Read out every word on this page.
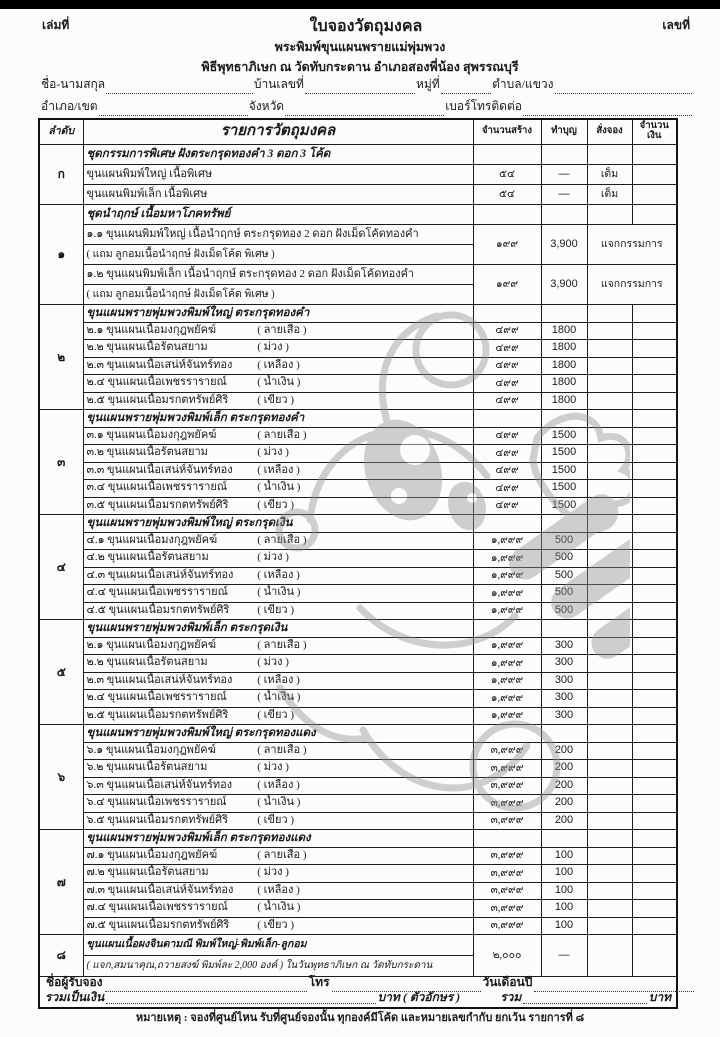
เล่มที่	ใบจองวัตถุมงคล	เลขที่
พระพิมพ์ขุนแผนพรายแม่พุ่มพวง
พิธีพุทธาภิเษก ณ วัดทับกระดาน อำเภอสองพี่น้อง สุพรรณบุรี
ชื่อ-นามสกุล	บ้านเลขที่	หมู่ที่	ตำบล/แขวง
อำเภอ/เขต	จังหวัด	เบอร์โทรติดต่อ
ลำดับ	รายการวัตถุมงคล	จำนวนสร้าง	ทำบุญ	สั่งจอง	จำนวนเงิน
ก	ชุดกรรมการพิเศษ ฝังตระกรุดทองคำ 3 ดอก 3 โค้ด				
	ขุนแผนพิมพ์ใหญ่ เนื้อพิเศษ	๕๔	—	เต็ม	
	ขุนแผนพิมพ์เล็ก เนื้อพิเศษ	๕๔	—	เต็ม	
๑	ชุดนำฤกษ์ เนื้อมหาโภคทรัพย์				
	๑.๑ ขุนแผนพิมพ์ใหญ่ เนื้อนำฤกษ์ ตระกรุดทอง 2 ดอก ฝังเม็ดโค้ดทองคำ	๑๙๙	3,900	แจกกรรมการ	
	( แถม ลูกอมเนื้อนำฤกษ์ ฝังเม็ดโค้ด พิเศษ )				
	๑.๒ ขุนแผนพิมพ์เล็ก เนื้อนำฤกษ์ ตระกรุดทอง 2 ดอก ฝังเม็ดโค้ดทองคำ	๑๙๙	3,900	แจกกรรมการ	
	( แถม ลูกอมเนื้อนำฤกษ์ ฝังเม็ดโค้ด พิเศษ )				
๒	ขุนแผนพรายพุ่มพวงพิมพ์ใหญ่ ตระกรุดทองคำ				
	๒.๑ ขุนแผนเนื้อมงกุฎพยัคฆ์ ( ลายเสือ )	๔๙๙	1800		
	๒.๒ ขุนแผนเนื้อรัตนสยาม ( ม่วง )	๔๙๙	1800		
	๒.๓ ขุนแผนเนื้อเสน่ห์จันทร์ทอง ( เหลือง )	๔๙๙	1800		
	๒.๔ ขุนแผนเนื้อเพชรรารายณ์ ( น้ำเงิน )	๔๙๙	1800		
	๒.๕ ขุนแผนเนื้อมรกตทรัพย์ศิริ ( เขียว )	๔๙๙	1800		
๓	ขุนแผนพรายพุ่มพวงพิมพ์เล็ก ตระกรุดทองคำ				
	๓.๑ ขุนแผนเนื้อมงกุฎพยัคฆ์ ( ลายเสือ )	๔๙๙	1500		
	๓.๒ ขุนแผนเนื้อรัตนสยาม ( ม่วง )	๔๙๙	1500		
	๓.๓ ขุนแผนเนื้อเสน่ห์จันทร์ทอง ( เหลือง )	๔๙๙	1500		
	๓.๔ ขุนแผนเนื้อเพชรรารายณ์ ( น้ำเงิน )	๔๙๙	1500		
	๓.๕ ขุนแผนเนื้อมรกตทรัพย์ศิริ ( เขียว )	๔๙๙	1500		
๔	ขุนแผนพรายพุ่มพวงพิมพ์ใหญ่ ตระกรุดเงิน				
	๔.๑ ขุนแผนเนื้อมงกุฎพยัคฆ์ ( ลายเสือ )	๑,๙๙๙	500		
	๔.๒ ขุนแผนเนื้อรัตนสยาม ( ม่วง )	๑,๙๙๙	500		
	๔.๓ ขุนแผนเนื้อเสน่ห์จันทร์ทอง ( เหลือง )	๑,๙๙๙	500		
	๔.๔ ขุนแผนเนื้อเพชรรารายณ์ ( น้ำเงิน )	๑,๙๙๙	500		
	๔.๕ ขุนแผนเนื้อมรกตทรัพย์ศิริ ( เขียว )	๑,๙๙๙	500		
๕	ขุนแผนพรายพุ่มพวงพิมพ์เล็ก ตระกรุดเงิน				
	๒.๑ ขุนแผนเนื้อมงกุฎพยัคฆ์ ( ลายเสือ )	๑,๙๙๙	300		
	๒.๒ ขุนแผนเนื้อรัตนสยาม ( ม่วง )	๑,๙๙๙	300		
	๒.๓ ขุนแผนเนื้อเสน่ห์จันทร์ทอง ( เหลือง )	๑,๙๙๙	300		
	๒.๔ ขุนแผนเนื้อเพชรรารายณ์ ( น้ำเงิน )	๑,๙๙๙	300		
	๒.๕ ขุนแผนเนื้อมรกตทรัพย์ศิริ ( เขียว )	๑,๙๙๙	300		
๖	ขุนแผนพรายพุ่มพวงพิมพ์ใหญ่ ตระกรุดทองแดง				
	๖.๑ ขุนแผนเนื้อมงกุฎพยัคฆ์ ( ลายเสือ )	๓,๙๙๙	200		
	๖.๒ ขุนแผนเนื้อรัตนสยาม ( ม่วง )	๓,๙๙๙	200		
	๖.๓ ขุนแผนเนื้อเสน่ห์จันทร์ทอง ( เหลือง )	๓,๙๙๙	200		
	๖.๔ ขุนแผนเนื้อเพชรรารายณ์ ( น้ำเงิน )	๓,๙๙๙	200		
	๖.๕ ขุนแผนเนื้อมรกตทรัพย์ศิริ ( เขียว )	๓,๙๙๙	200		
๗	ขุนแผนพรายพุ่มพวงพิมพ์เล็ก ตระกรุดทองแดง				
	๗.๑ ขุนแผนเนื้อมงกุฎพยัคฆ์ ( ลายเสือ )	๓,๙๙๙	100		
	๗.๒ ขุนแผนเนื้อรัตนสยาม ( ม่วง )	๓,๙๙๙	100		
	๗.๓ ขุนแผนเนื้อเสน่ห์จันทร์ทอง ( เหลือง )	๓,๙๙๙	100		
	๗.๔ ขุนแผนเนื้อเพชรรารายณ์ ( น้ำเงิน )	๓,๙๙๙	100		
	๗.๕ ขุนแผนเนื้อมรกตทรัพย์ศิริ ( เขียว )	๓,๙๙๙	100		
๘	ขุนแผนเนื้อผงจินดามณี พิมพ์ใหญ่-พิมพ์เล็ก-ลูกอม	๒,๐๐๐	—		
	( แจก,สมนาคุณ,ถวายสงฆ์ พิมพ์ละ 2,000 องค์ ) ในวันพุทธาภิเษก ณ วัดทับกระดาน				

รวมเป็นเงิน บาท ( ตัวอักษร ) รวม บาท					
ชื่อผู้รับจอง	โทร	วันเดือนปี
หมายเหตุ : จองที่ศูนย์ไหน รับที่ศูนย์จองนั้น ทุกองค์มีโค้ด และหมายเลขกำกับ ยกเว้น รายการที่ ๘
